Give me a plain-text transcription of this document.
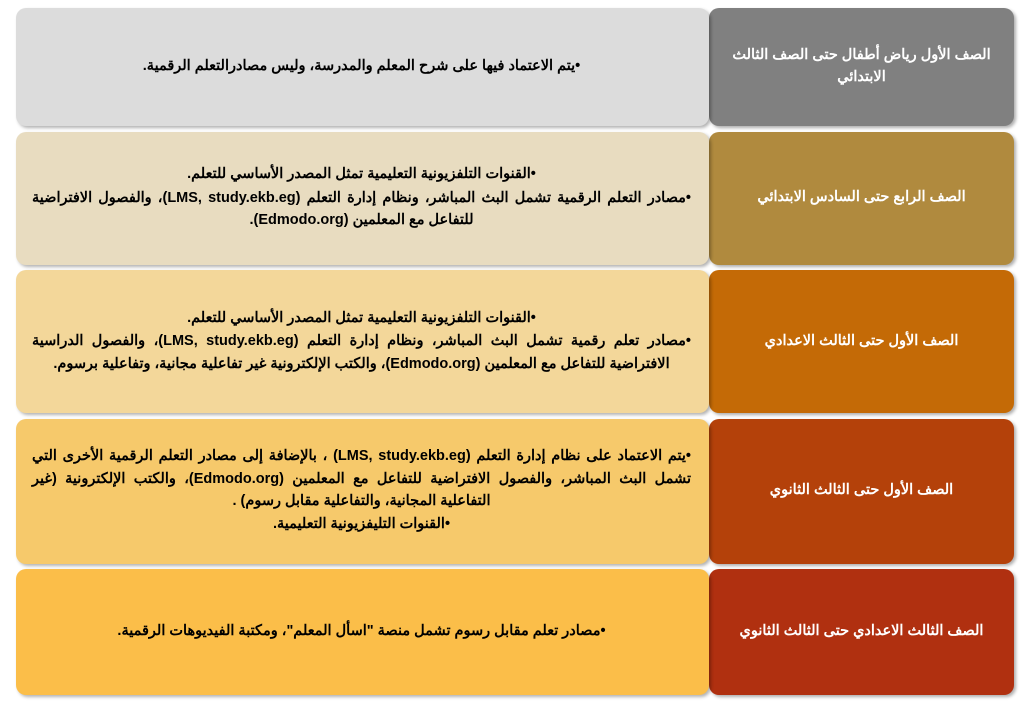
الصف الأول رياض أطفال حتى الصف الثالث الابتدائي

•يتم الاعتماد فيها على شرح المعلم والمدرسة، وليس مصادرالتعلم الرقمية.

الصف الرابع حتى السادس الابتدائي

•القنوات التلفزيونية التعليمية تمثل المصدر الأساسي للتعلم.

•مصادر التعلم الرقمية تشمل البث المباشر، ونظام إدارة التعلم (LMS, study.ekb.eg)، والفصول الافتراضية للتفاعل مع المعلمين (Edmodo.org).

الصف الأول حتى الثالث الاعدادي

•القنوات التلفزيونية التعليمية تمثل المصدر الأساسي للتعلم.

•مصادر تعلم رقمية تشمل البث المباشر، ونظام إدارة التعلم (LMS, study.ekb.eg)، والفصول الدراسية الافتراضية للتفاعل مع المعلمين (Edmodo.org)، والكتب الإلكترونية غير تفاعلية مجانية، وتفاعلية برسوم.

الصف الأول حتى الثالث الثانوي

•يتم الاعتماد على نظام إدارة التعلم (LMS, study.ekb.eg) ، بالإضافة إلى مصادر التعلم الرقمية الأخرى التي تشمل البث المباشر، والفصول الافتراضية للتفاعل مع المعلمين (Edmodo.org)، والكتب الإلكترونية (غير التفاعلية المجانية، والتفاعلية مقابل رسوم) .

•القنوات التليفزيونية التعليمية.

الصف الثالث الاعدادي حتى الثالث الثانوي

•مصادر تعلم مقابل رسوم تشمل منصة "اسأل المعلم"، ومكتبة الفيديوهات الرقمية.
